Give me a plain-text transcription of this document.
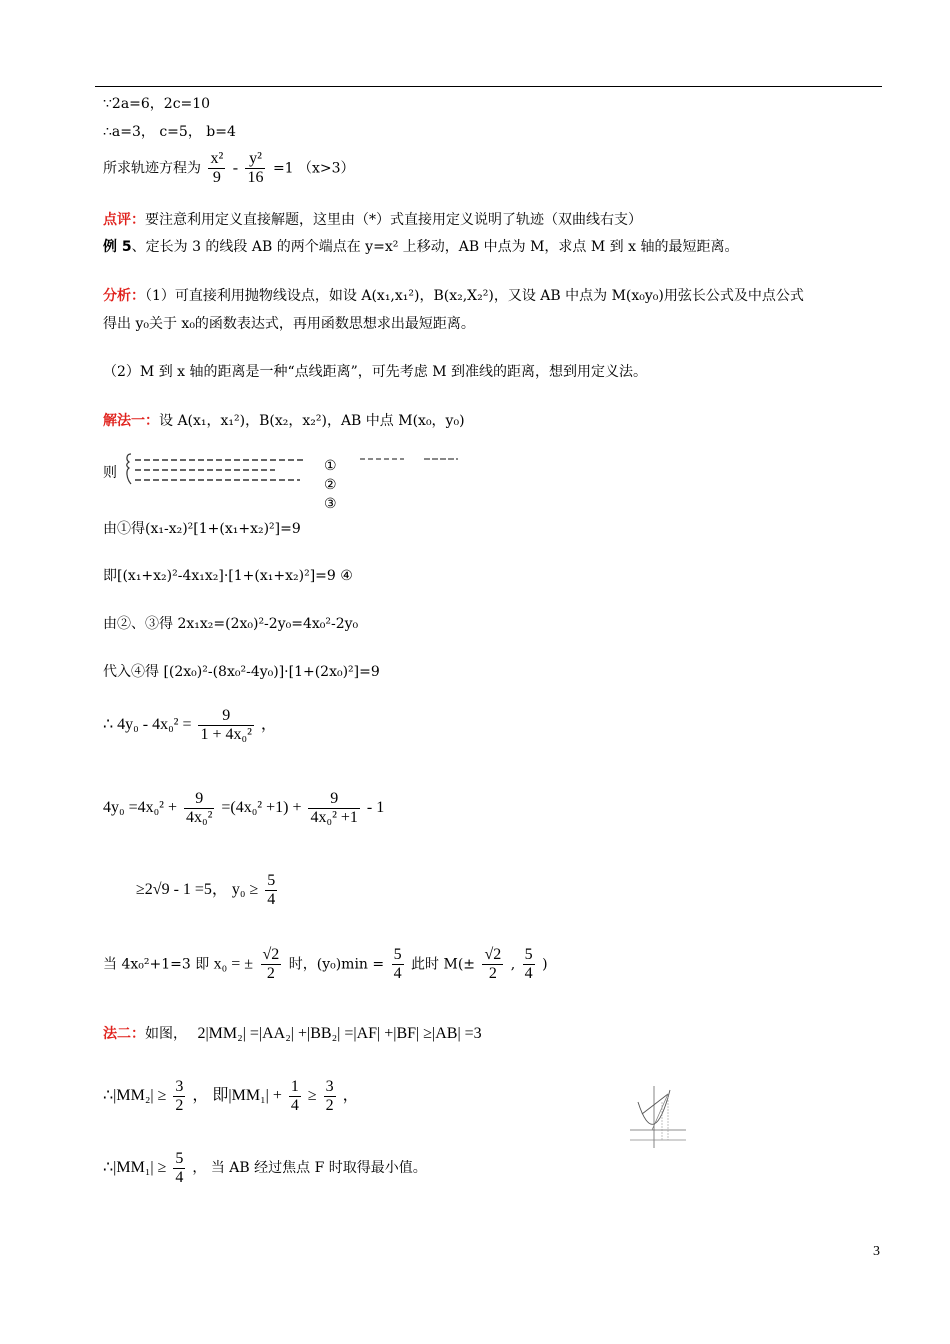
∵2a=6，2c=10
∴a=3， c=5， b=4
所求轨迹方程为 $\frac{\text{x²}}{9} - \frac{\text{y²}}{16} =1$ （x>3）
点评：要注意利用定义直接解题，这里由（*）式直接用定义说明了轨迹（双曲线右支）
例 5、定长为 3 的线段 AB 的两个端点在 y=x² 上移动，AB 中点为 M，求点 M 到 x 轴的最短距离。
分析：（1）可直接利用抛物线设点，如设 A(x₁,x₁²)，B(x₂,X₂²)，又设 AB 中点为 M(x₀y₀)用弦长公式及中点公式
得出 y₀关于 x₀的函数表达式，再用函数思想求出最短距离。
（2）M 到 x 轴的距离是一种“点线距离”，可先考虑 M 到准线的距离，想到用定义法。
解法一：设 A(x₁，x₁²)，B(x₂，x₂²)，AB 中点 M(x₀，y₀)
则	①
②
③
由①得(x₁-x₂)²[1+(x₁+x₂)²]=9
即[(x₁+x₂)²-4x₁x₂]·[1+(x₁+x₂)²]=9 ④
由②、③得 2x₁x₂=(2x₀)²-2y₀=4x₀²-2y₀
代入④得 [(2x₀)²-(8x₀²-4y₀)]·[1+(2x₀)²]=9
∴ $4y_0 - 4x_0^2 = \frac{9}{\text{1 + 4x₀²}}$ ，
$4y_0 =4x_0^2 + \frac{9}{\text{4x₀²}} =(4x_0^2 +1) + \frac{9}{\text{4x₀² +1}} - 1$
≥2√9 - 1 =5， $y_0 \ge \frac{5}{4}$
当 4x₀²+1=3 即 x₀ = ± $\frac{√2}{2}$ 时，$(y_0)\min = \frac{5}{4}$ 此时 $M(\pm \frac{√2}{2}$ , $\frac{5}{4}$ )
法二：如图， 2|MM₂| =|AA₂| +|BB₂| =|AF| +|BF| ≥|AB| =3
∴|MM₂| ≥ $\frac{3}{2}$ ， 即$|MM_1| + \frac{1}{4} \ge \frac{3}{2}$ ，
∴|MM₁| ≥ $\frac{5}{4}$ ， 当 AB 经过焦点 F 时取得最小值。
3
